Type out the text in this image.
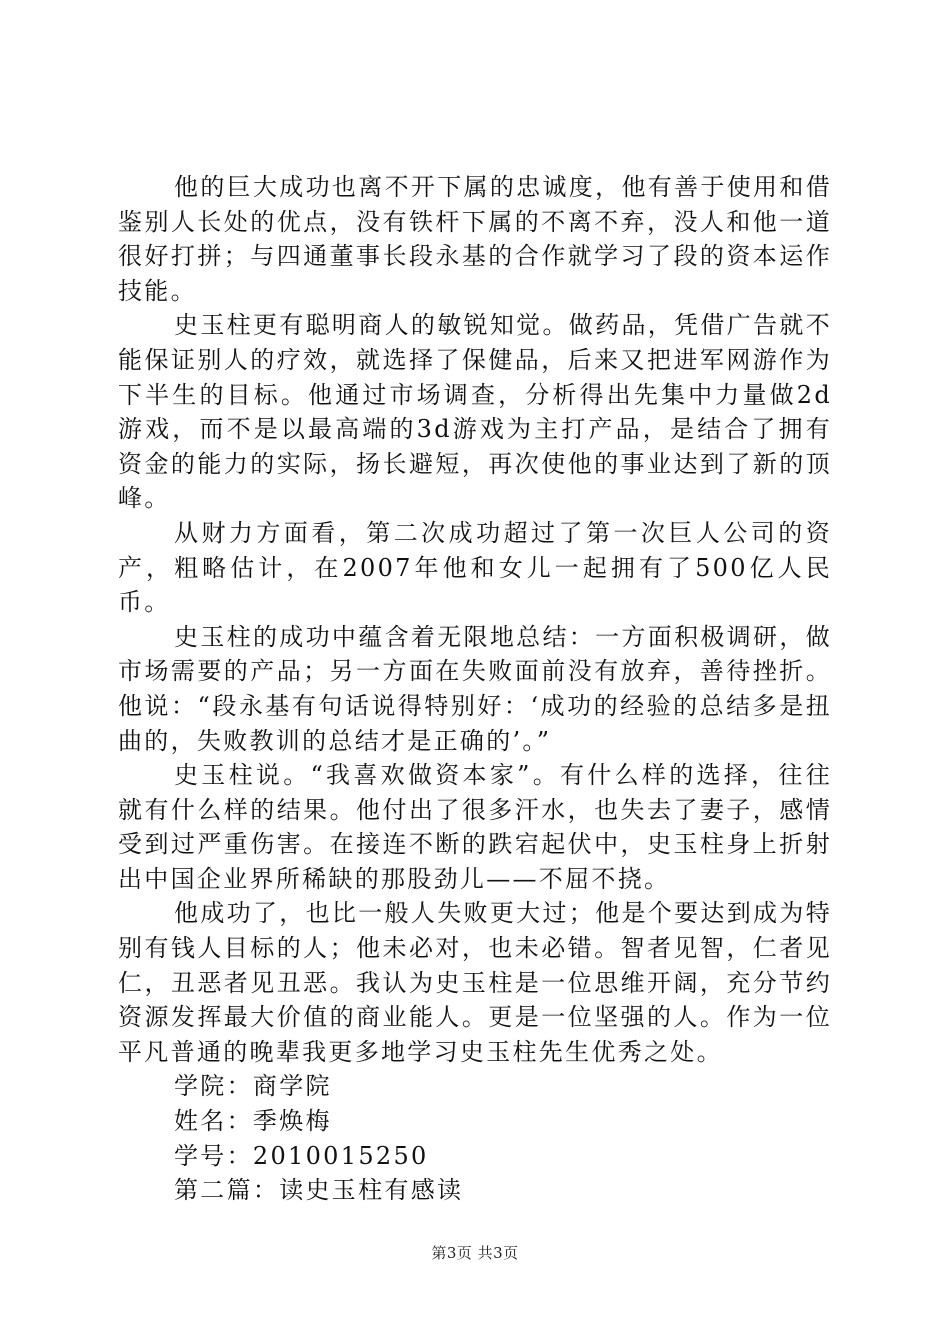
他的巨大成功也离不开下属的忠诚度，他有善于使用和借鉴别人长处的优点，没有铁杆下属的不离不弃，没人和他一道很好打拼；与四通董事长段永基的合作就学习了段的资本运作技能。

史玉柱更有聪明商人的敏锐知觉。做药品，凭借广告就不能保证别人的疗效，就选择了保健品，后来又把进军网游作为下半生的目标。他通过市场调查，分析得出先集中力量做2d游戏，而不是以最高端的3d游戏为主打产品，是结合了拥有资金的能力的实际，扬长避短，再次使他的事业达到了新的顶峰。

从财力方面看，第二次成功超过了第一次巨人公司的资产，粗略估计，在2007年他和女儿一起拥有了500亿人民币。

史玉柱的成功中蕴含着无限地总结：一方面积极调研，做市场需要的产品；另一方面在失败面前没有放弃，善待挫折。他说：“段永基有句话说得特别好：‘成功的经验的总结多是扭曲的，失败教训的总结才是正确的’。”

史玉柱说。“我喜欢做资本家”。有什么样的选择，往往就有什么样的结果。他付出了很多汗水，也失去了妻子，感情受到过严重伤害。在接连不断的跌宕起伏中，史玉柱身上折射出中国企业界所稀缺的那股劲儿——不屈不挠。

他成功了，也比一般人失败更大过；他是个要达到成为特别有钱人目标的人；他未必对，也未必错。智者见智，仁者见仁，丑恶者见丑恶。我认为史玉柱是一位思维开阔，充分节约资源发挥最大价值的商业能人。更是一位坚强的人。作为一位平凡普通的晚辈我更多地学习史玉柱先生优秀之处。

学院：商学院

姓名：季焕梅

学号：2010015250

第二篇：读史玉柱有感读

第3页 共3页
